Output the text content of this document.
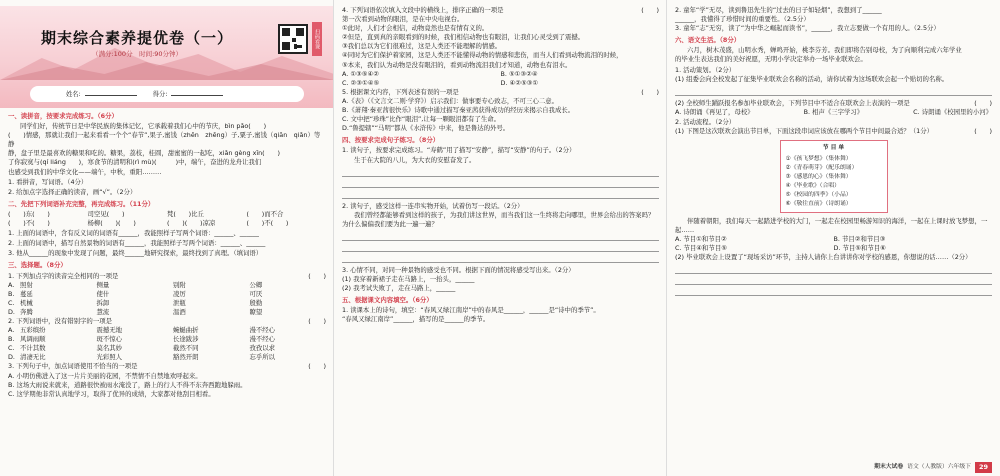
期末综合素养提优卷（一）
（满分:100分　时间:90分钟）
扫码看课
姓名:	得分:
一、读拼音，按要求完成练习。（6分）
同学们好，传统节日是中华民族的集体记忆，它承载着我们心中的节庆，bìn pǎo(　　)
(　　)情感，那就让我们一起来看看一个个“春节”,果子,蜜饯（zhēn　zhēng）子,粟子,蜜饯（qiān　qiǎn）等静
静，盘子里是最喜欢的糖果和吃的。糖果，荔枝，桂圆，甜蜜蜜的一起吃，xiǎn gèng xīn(　　)
了你寂寞与(qí liáng　　)，寒食节的清明和(rì mù)(　　　)中，端午，奋进的龙舟让我们
也感受到我们的中华文化——端午，中秋，重阳………
1. 看拼音，写词语。（4分）
2. 给加点字选择正确的读音，画“√”。（2分）
二、先把下列词语补充完整，再完成练习。（11分）
(　　)东(　　)	司空见(　　)	梵(　　)比丘	(　　)而不合
(　　)不(　　)	杨柳(　　)(　　)	(　　)(　　)凉凉	(　　)不(　　)
1. 上面的词语中，含有反义词的词语有______，我能照样子写两个词语：______、______
2. 上面的词语中，描写自然景物的词语有______，我能照样子写两个词语：______、______
3. 他从______的现象中发现了问题，最终______地研究探索，最终找到了真理。（填词语）
三、选择题。（8分）
1. 下列加点字的读音完全相同的一项是	(　　)
A. 照射	侧量	别附	公卿
B. 蔓延	使什	凌厉	可厌
C. 机械	拆卸	泄瓶	殷勤
D. 奔腾	慧流	温酒	瞭望
2. 下列词语中，没有错别字的一项是	(　　)
A. 五彩缤纷	震撼无地	蜿蜒曲折	漫不经心
B. 风调雨顺	斑不惊心	长途跋涉	漫不经心
C. 不计其数	莫名其妙	截然不同	孜孜以求
D. 清凄无比	光彩照人	豁然开朗	忘乎所以
3. 下列句子中，加点词语使用不恰当的一项是	(　　)
A. 小明仿佛进入了这一片片美丽的花园，不禁情不自禁地欢呼起来。
B. 这场大雨说来就来，道路很快被雨水淹没了，路上的行人不得不东奔西跑地躲雨。
C. 这学期他非常认真地学习，取得了优异的成绩，大家都对他刮目相看。
4. 下列词语依次填入文段中的横线上，排序正确的一项是	(　　)
第一次看到动物的眼泪，是在中央电视台。
①此时，人们才会相信，动物竟然也是有情有义的。
②但是，直到真的亲眼看到的时候，我们相信动物也有眼泪，让我们心灵受到了震撼。
③我们总以为它们很难过，这是人类还不能理解的情感。
④同时为它们保护着家园，这是人类还不能懂得动物的情感和悲伤，而当人们看到动物流泪的时候，
⑤本来，我们认为动物是没有眼泪的，看到动物流泪我们才知道，动物也有泪水。
A. ①③⑤④②	B. ⑤①③②④
C. ②③①④⑤	D. ④②⑤③①
5. 根据课文内容，下列表述有误的一项是	(　　)
A.《表》（《文言文二则·学弈》）启示我们：做事要专心致志，不可三心二意。
B.《萧翔·秦亚茜很快乐》诗歌中通过描写秦亚茜获得成功的经历来揭示自我成长。
C. 文中把“珍珠”比作“眼泪”,让每一颗眼泪都有了生命。
D.“鲁提辖”“马明”都从《水浒传》中来，他是鲁达的外号。
四、按要求完成句子练习。（8分）
1. 读句子，按要求完成练习。“寿鹤”用了描写“安静”，描写“安静”的句子。（2分）
生于在大院的八儿，为大衣的安慰奋发了。
2. 读句子，感受这样一连串实物开始，试着仿写一段话。（2分）
我们曾经都能够看到这样的孩子，为我们讲这世界，而当我们这一生终将走向哪里，世界会给出的答案吗？
为什么偏偏我们要为此一遍一遍？
3. 心情不同，对同一种景物的感受也不同。根据下面的情况将感受写出来。（2分）
(1) 我穿着新裙子走在马路上，一抬头，______
(2) 我考试失败了，走在马路上，______
五、根据课文内容填空。（6分）
1. 读课本上的诗句，填空：“春风又绿江南岸”中的春风是______，______是“诗中的季节”。
“春风又绿江南岸”______，描写的是______的季节。
2. 童年“学”无尽，读到鲁迅先生的“过去的日子如轻烟”，我想到了______
______，我懂得了珍惜时间的重要性。（2.5分）
3. 童年“志”无穷，读了“为中华之崛起而读书”，______，我立志要做一个有用的人。（2.5分）
六、语文生活。（8分）
六月，树木茂盛，山明水秀，蝉鸣开始，桃李芬芳。我们即将告别母校，为了向顺利完成六年学业
的毕业生表达我们的美好祝愿，无明小学决定举办一场毕业联欢会。
1. 活动策划。（2分）
(1) 组委会向全校发起了征集毕业联欢会名称的活动，请你试着为这场联欢会起一个贴切的名称。
(2) 全校师生踊跃报名参加毕业联欢会，下列节目中不适合在联欢会上表演的一项是	(　　)
A. 诗朗诵《再见了，母校》	B. 相声《三字学习》	C. 诗朗诵《校园里的小河》
2. 活动流程。（2分）
(1) 下图是这次联欢会演出节目单，下面这段串词应该放在哪两个节目中间最合适？（1分）	(　　)
节 目 单
①《孩飞梦想》（集体舞）
②《青春萌芽》（配乐朗诵）
③《感恩的心》（集体舞）
④《毕业歌》（合唱）
⑤《校园的四季》（小品）
⑥《敬往直前》（诗朗诵）
伴随着朝阳，我们每天一起踏进学校的大门，一起走在校园里畅游知识的海洋，一起在上课时放飞梦想，一起……
A. 节目①和节目②	B. 节目②和节目③
C. 节目④和节目⑤	D. 节目⑤和节目⑥
(2) 毕业联欢会上设置了“现场采访”环节，主持人请你上台讲讲你对学校的感恩，你想说的话……（2分）
期末大试卷 语文（人教版）六年级下	29
